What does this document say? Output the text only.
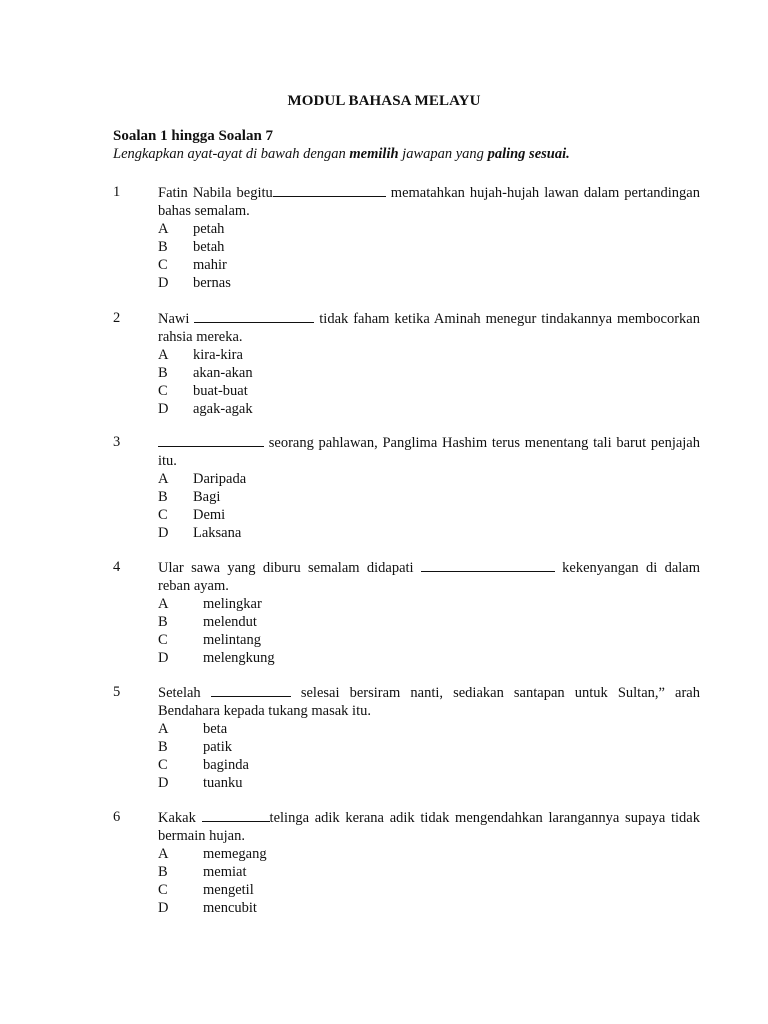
MODUL BAHASA MELAYU
Soalan 1 hingga Soalan 7
Lengkapkan ayat-ayat di bawah dengan memilih jawapan yang paling sesuai.
1	Fatin Nabila begitu	mematahkan hujah-hujah lawan dalam pertandingan bahas semalam.
A	petah
B	betah
C	mahir
D	bernas
2	Nawi	tidak faham ketika Aminah menegur tindakannya membocorkan rahsia mereka.
A	kira-kira
B	akan-akan
C	buat-buat
D	agak-agak
3	seorang pahlawan, Panglima Hashim terus menentang tali barut penjajah itu.
A	Daripada
B	Bagi
C	Demi
D	Laksana
4	Ular sawa yang diburu semalam didapati	kekenyangan di dalam reban ayam.
A	melingkar
B	melendut
C	melintang
D	melengkung
5	Setelah	selesai bersiram nanti, sediakan santapan untuk Sultan,” arah Bendahara kepada tukang masak itu.
A	beta
B	patik
C	baginda
D	tuanku
6	Kakak	telinga adik kerana adik tidak mengendahkan larangannya supaya tidak bermain hujan.
A	memegang
B	memiat
C	mengetil
D	mencubit
